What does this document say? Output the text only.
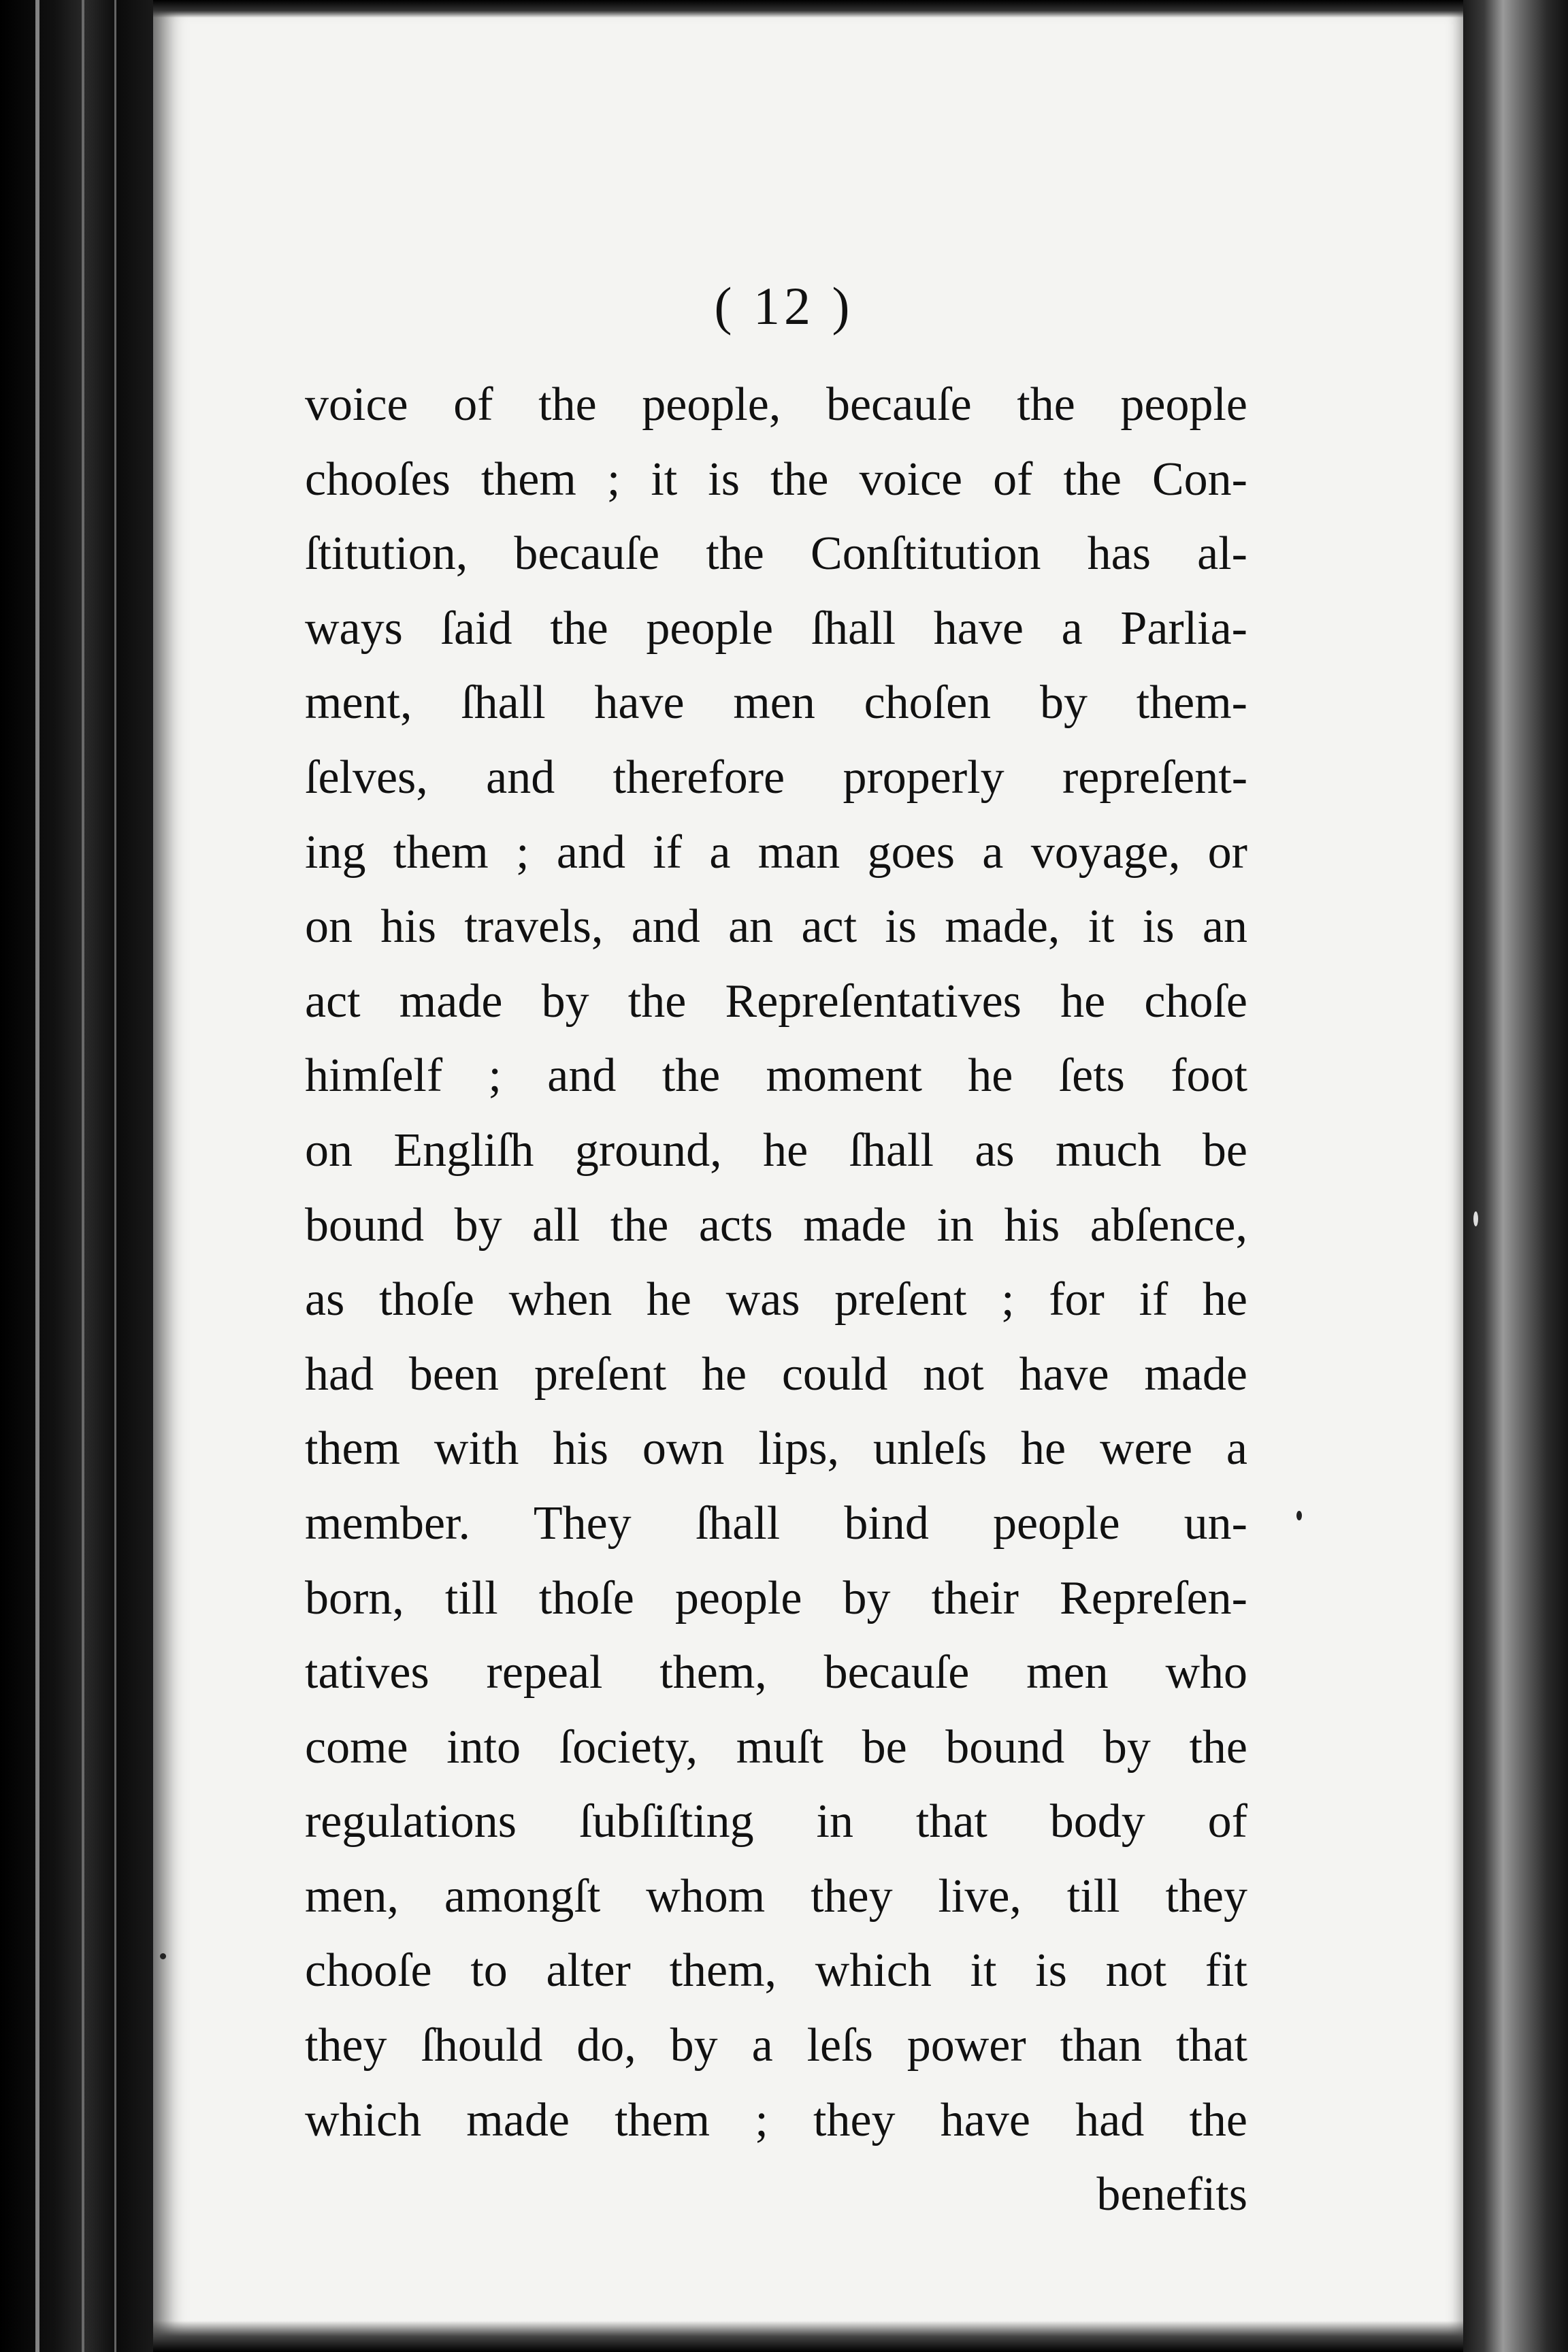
( 12 )
voice of the people, becauſe the people
chooſes them ; it is the voice of the Con-
ſtitution, becauſe the Conſtitution has al-
ways ſaid the people ſhall have a Parlia-
ment, ſhall have men choſen by them-
ſelves, and therefore properly repreſent-
ing them ; and if a man goes a voyage, or
on his travels, and an act is made, it is an
act made by the Repreſentatives he choſe
himſelf ; and the moment he ſets foot
on Engliſh ground, he ſhall as much be
bound by all the acts made in his abſence,
as thoſe when he was preſent ; for if he
had been preſent he could not have made
them with his own lips, unleſs he were a
member. They ſhall bind people un-
born, till thoſe people by their Repreſen-
tatives repeal them, becauſe men who
come into ſociety, muſt be bound by the
regulations ſubſiſting in that body of
men, amongſt whom they live, till they
chooſe to alter them, which it is not fit
they ſhould do, by a leſs power than that
which made them ; they have had the
benefits
